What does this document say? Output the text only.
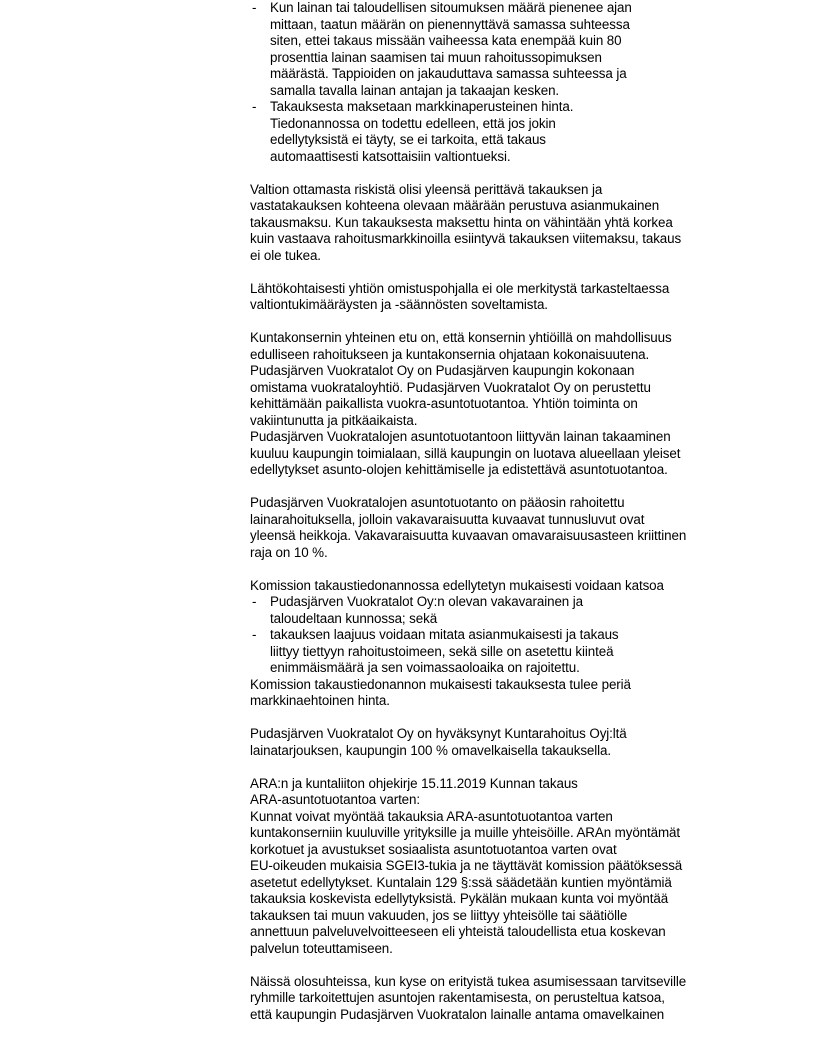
- Kun lainan tai taloudellisen sitoumuksen määrä pienenee ajan
mittaan, taatun määrän on pienennyttävä samassa suhteessa
siten, ettei takaus missään vaiheessa kata enempää kuin 80
prosenttia lainan saamisen tai muun rahoitussopimuksen
määrästä. Tappioiden on jakauduttava samassa suhteessa ja
samalla tavalla lainan antajan ja takaajan kesken.
- Takauksesta maksetaan markkinaperusteinen hinta.
Tiedonannossa on todettu edelleen, että jos jokin
edellytyksistä ei täyty, se ei tarkoita, että takaus
automaattisesti katsottaisiin valtiontueksi.

Valtion ottamasta riskistä olisi yleensä perittävä takauksen ja
vastatakauksen kohteena olevaan määrään perustuva asianmukainen
takausmaksu. Kun takauksesta maksettu hinta on vähintään yhtä korkea
kuin vastaava rahoitusmarkkinoilla esiintyvä takauksen viitemaksu, takaus
ei ole tukea.

Lähtökohtaisesti yhtiön omistuspohjalla ei ole merkitystä tarkasteltaessa
valtiontukimääräysten ja -säännösten soveltamista.

Kuntakonsernin yhteinen etu on, että konsernin yhtiöillä on mahdollisuus
edulliseen rahoitukseen ja kuntakonsernia ohjataan kokonaisuutena.
Pudasjärven Vuokratalot Oy on Pudasjärven kaupungin kokonaan
omistama vuokrataloyhtiö. Pudasjärven Vuokratalot Oy on perustettu
kehittämään paikallista vuokra-asuntotuotantoa. Yhtiön toiminta on
vakiintunutta ja pitkäaikaista.
Pudasjärven Vuokratalojen asuntotuotantoon liittyvän lainan takaaminen
kuuluu kaupungin toimialaan, sillä kaupungin on luotava alueellaan yleiset
edellytykset asunto-olojen kehittämiselle ja edistettävä asuntotuotantoa.

Pudasjärven Vuokratalojen asuntotuotanto on pääosin rahoitettu
lainarahoituksella, jolloin vakavaraisuutta kuvaavat tunnusluvut ovat
yleensä heikkoja. Vakavaraisuutta kuvaavan omavaraisuusasteen kriittinen
raja on 10 %.

Komission takaustiedonannossa edellytetyn mukaisesti voidaan katsoa

- Pudasjärven Vuokratalot Oy:n olevan vakavarainen ja
taloudeltaan kunnossa; sekä
- takauksen laajuus voidaan mitata asianmukaisesti ja takaus
liittyy tiettyyn rahoitustoimeen, sekä sille on asetettu kiinteä
enimmäismäärä ja sen voimassaoloaika on rajoitettu.

Komission takaustiedonannon mukaisesti takauksesta tulee periä
markkinaehtoinen hinta.

Pudasjärven Vuokratalot Oy on hyväksynyt Kuntarahoitus Oyj:ltä
lainatarjouksen, kaupungin 100 % omavelkaisella takauksella.

ARA:n ja kuntaliiton ohjekirje 15.11.2019 Kunnan takaus
ARA-asuntotuotantoa varten:
Kunnat voivat myöntää takauksia ARA-asuntotuotantoa varten
kuntakonserniin kuuluville yrityksille ja muille yhteisöille. ARAn myöntämät
korkotuet ja avustukset sosiaalista asuntotuotantoa varten ovat
EU-oikeuden mukaisia SGEI3-tukia ja ne täyttävät komission päätöksessä
asetetut edellytykset. Kuntalain 129 §:ssä säädetään kuntien myöntämiä
takauksia koskevista edellytyksistä. Pykälän mukaan kunta voi myöntää
takauksen tai muun vakuuden, jos se liittyy yhteisölle tai säätiölle
annettuun palveluvelvoitteeseen eli yhteistä taloudellista etua koskevan
palvelun toteuttamiseen.

Näissä olosuhteissa, kun kyse on erityistä tukea asumisessaan tarvitseville
ryhmille tarkoitettujen asuntojen rakentamisesta, on perusteltua katsoa,
että kaupungin Pudasjärven Vuokratalon lainalle antama omavelkainen
